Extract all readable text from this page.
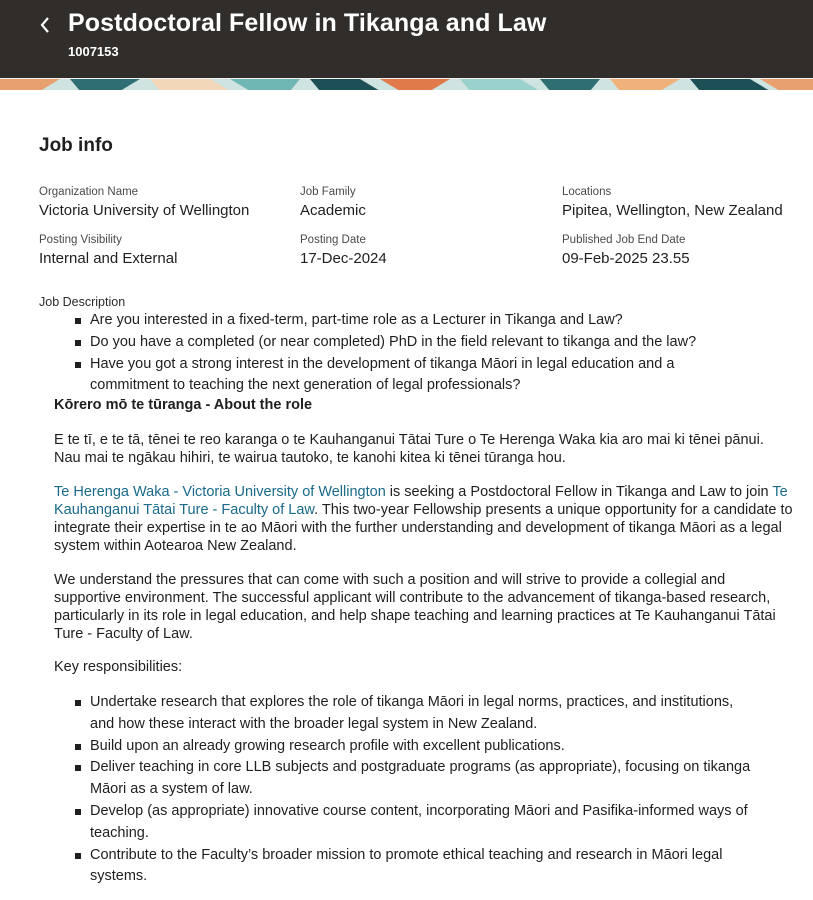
Postdoctoral Fellow in Tikanga and Law
1007153
Job info
Organization Name
Victoria University of Wellington
Job Family
Academic
Locations
Pipitea, Wellington, New Zealand
Posting Visibility
Internal and External
Posting Date
17-Dec-2024
Published Job End Date
09-Feb-2025 23.55
Job Description
Are you interested in a fixed-term, part-time role as a Lecturer in Tikanga and Law?
Do you have a completed (or near completed) PhD in the field relevant to tikanga and the law?
Have you got a strong interest in the development of tikanga Māori in legal education and a commitment to teaching the next generation of legal professionals?
Kōrero mō te tūranga - About the role

E te tī, e te tā, tēnei te reo karanga o te Kauhanganui Tātai Ture o Te Herenga Waka kia aro mai ki tēnei pānui. Nau mai te ngākau hihiri, te wairua tautoko, te kanohi kitea ki tēnei tūranga hou.

Te Herenga Waka - Victoria University of Wellington is seeking a Postdoctoral Fellow in Tikanga and Law to join Te Kauhanganui Tātai Ture - Faculty of Law. This two-year Fellowship presents a unique opportunity for a candidate to integrate their expertise in te ao Māori with the further understanding and development of tikanga Māori as a legal system within Aotearoa New Zealand.

We understand the pressures that can come with such a position and will strive to provide a collegial and supportive environment. The successful applicant will contribute to the advancement of tikanga-based research, particularly in its role in legal education, and help shape teaching and learning practices at Te Kauhanganui Tātai Ture - Faculty of Law.

Key responsibilities:

Undertake research that explores the role of tikanga Māori in legal norms, practices, and institutions, and how these interact with the broader legal system in New Zealand.
Build upon an already growing research profile with excellent publications.
Deliver teaching in core LLB subjects and postgraduate programs (as appropriate), focusing on tikanga Māori as a system of law.
Develop (as appropriate) innovative course content, incorporating Māori and Pasifika-informed ways of teaching.
Contribute to the Faculty’s broader mission to promote ethical teaching and research in Māori legal systems.
